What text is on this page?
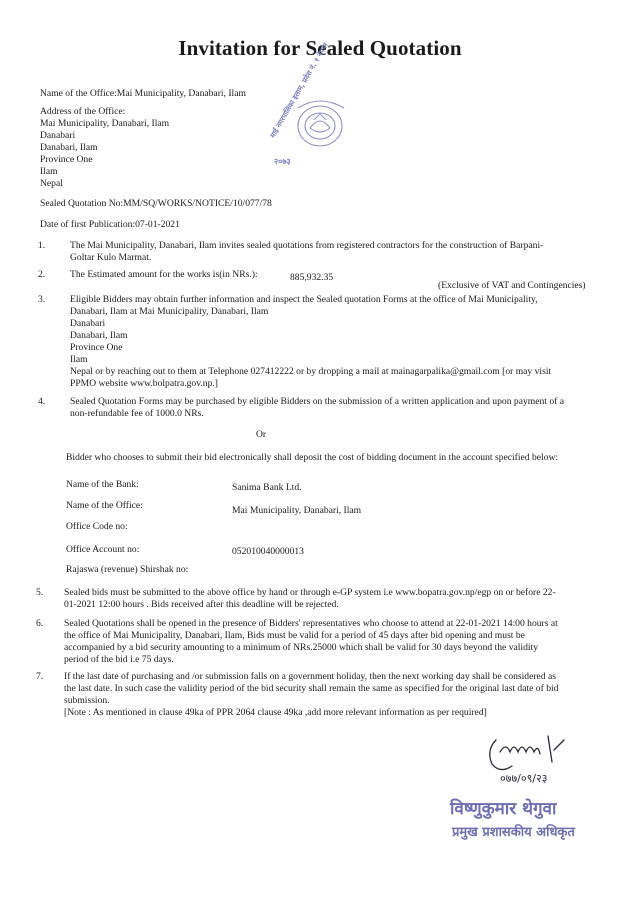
Invitation for Sealed Quotation
Name of the Office:Mai Municipality, Danabari, Ilam
Address of the Office:
Mai Municipality, Danabari, Ilam
Danabari
Danabari, Ilam
Province One
Ilam
Nepal
माई नगरपालिका इलाम, प्रदेश नं. १ नेपाल
२०७३
Sealed Quotation No:MM/SQ/WORKS/NOTICE/10/077/78
Date of first Publication:07-01-2021
1.	The Mai Municipality, Danabari, Ilam invites sealed quotations from registered contractors for the construction of Barpani-
Goltar Kulo Marmat.
2.	The Estimated amount for the works is(in NRs.):	885,932.35
(Exclusive of VAT and Contingencies)
3.	Eligible Bidders may obtain further information and inspect the Sealed quotation Forms at the office of Mai Municipality,
Danabari, Ilam at Mai Municipality, Danabari, Ilam
Danabari
Danabari, Ilam
Province One
Ilam
Nepal or by reaching out to them at Telephone 027412222 or by dropping a mail at mainagarpalika@gmail.com [or may visit
PPMO website www.bolpatra.gov.np.]
4.	Sealed Quotation Forms may be purchased by eligible Bidders on the submission of a written application and upon payment of a
non-refundable fee of 1000.0 NRs.
Or
Bidder who chooses to submit their bid electronically shall deposit the cost of bidding document in the account specified below:
Name of the Bank:	Sanima Bank Ltd.
Name of the Office:	Mai Municipality, Danabari, Ilam
Office Code no:
Office Account no:	052010040000013
Rajaswa (revenue) Shirshak no:
5. Sealed bids must be submitted to the above office by hand or through e-GP system i.e www.bopatra.gov.np/egp on or before 22-
01-2021 12:00 hours . Bids received after this deadline will be rejected.
6. Sealed Quotations shall be opened in the presence of Bidders' representatives who choose to attend at 22-01-2021 14:00 hours at
the office of Mai Municipality, Danabari, Ilam, Bids must be valid for a period of 45 days after bid opening and must be
accompanied by a bid security amounting to a minimum of NRs.25000 which shall be valid for 30 days beyond the validity
period of the bid i.e 75 days.
7. If the last date of purchasing and /or submission falls on a government holiday, then the next working day shall be considered as
the last date. In such case the validity period of the bid security shall remain the same as specified for the original last date of bid
submission.
[Note : As mentioned in clause 49ka of PPR 2064 clause 49ka ,add more relevant information as per required]
०७७/०९/२३
विष्णुकुमार थेगुवा
प्रमुख प्रशासकीय अधिकृत
